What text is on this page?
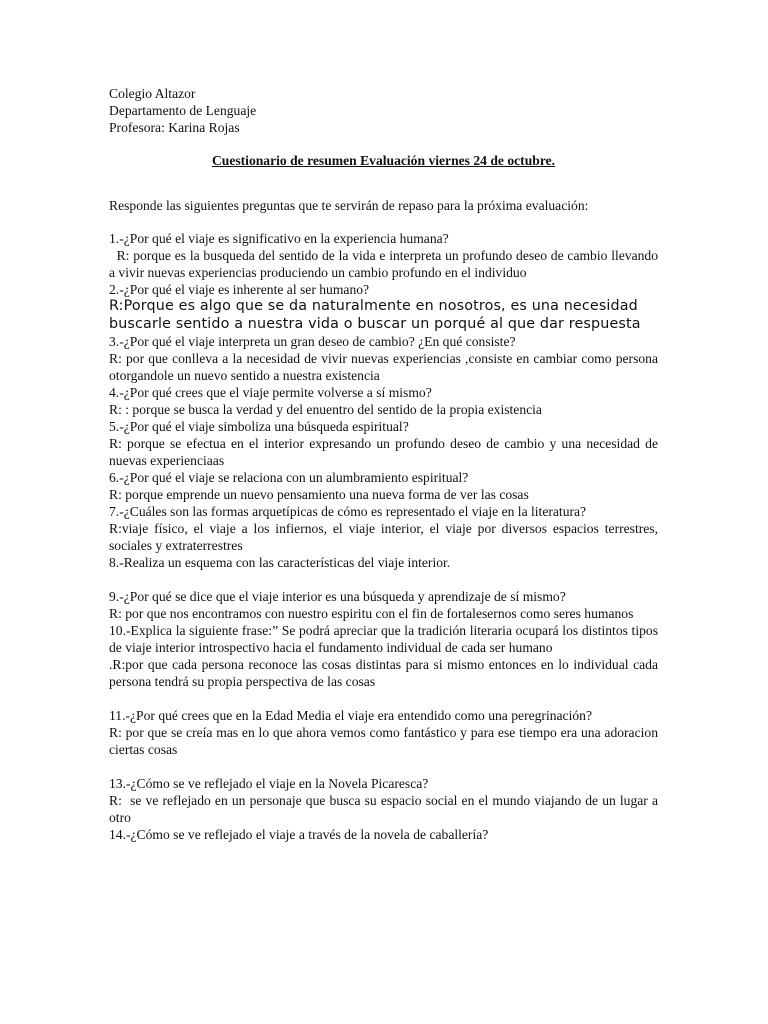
Colegio Altazor

Departamento de Lenguaje

Profesora: Karina Rojas

Cuestionario de resumen Evaluación viernes 24 de octubre.

Responde las siguientes preguntas que te servirán de repaso para la próxima evaluación:

1.-¿Por qué el viaje es significativo en la experiencia humana?

R: porque es la busqueda del sentido de la vida e interpreta un profundo deseo de cambio llevando a vivir nuevas experiencias produciendo un cambio profundo en el individuo

2.-¿Por qué el viaje es inherente al ser humano?

R:Porque es algo que se da naturalmente en nosotros, es una necesidad buscarle sentido a nuestra vida o buscar un porqué al que dar respuesta

3.-¿Por qué el viaje interpreta un gran deseo de cambio? ¿En qué consiste?

R: por que conlleva a la necesidad de vivir nuevas experiencias ,consiste en cambiar como persona otorgandole un nuevo sentido a nuestra existencia

4.-¿Por qué crees que el viaje permite volverse a sí mismo?

R: : porque se busca la verdad y del enuentro del sentido de la propia existencia

5.-¿Por qué el viaje simboliza una búsqueda espiritual?

R: porque se efectua en el interior expresando un profundo deseo de cambio y una necesidad de nuevas experienciaas

6.-¿Por qué el viaje se relaciona con un alumbramiento espiritual?

R: porque emprende un nuevo pensamiento una nueva forma de ver las cosas

7.-¿Cuáles son las formas arquetípicas de cómo es representado el viaje en la literatura?

R:viaje físico, el viaje a los infiernos, el viaje interior, el viaje por diversos espacios terrestres, sociales y extraterrestres

8.-Realiza un esquema con las características del viaje interior.

9.-¿Por qué se dice que el viaje interior es una búsqueda y aprendizaje de sí mismo?

R: por que nos encontramos con nuestro espiritu con el fin de fortalesernos como seres humanos

10.-Explica la siguiente frase:” Se podrá apreciar que la tradición literaria ocupará los distintos tipos de viaje interior introspectivo hacia el fundamento individual de cada ser humano

.R:por que cada persona reconoce las cosas distintas para si mismo entonces en lo individual cada persona tendrá su propia perspectiva de las cosas

11.-¿Por qué crees que en la Edad Media el viaje era entendido como una peregrinación?

R: por que se creía mas en lo que ahora vemos como fantástico y para ese tiempo era una adoracion ciertas cosas

13.-¿Cómo se ve reflejado el viaje en la Novela Picaresca?

R:  se ve reflejado en un personaje que busca su espacio social en el mundo viajando de un lugar a otro

14.-¿Cómo se ve reflejado el viaje a través de la novela de caballería?
